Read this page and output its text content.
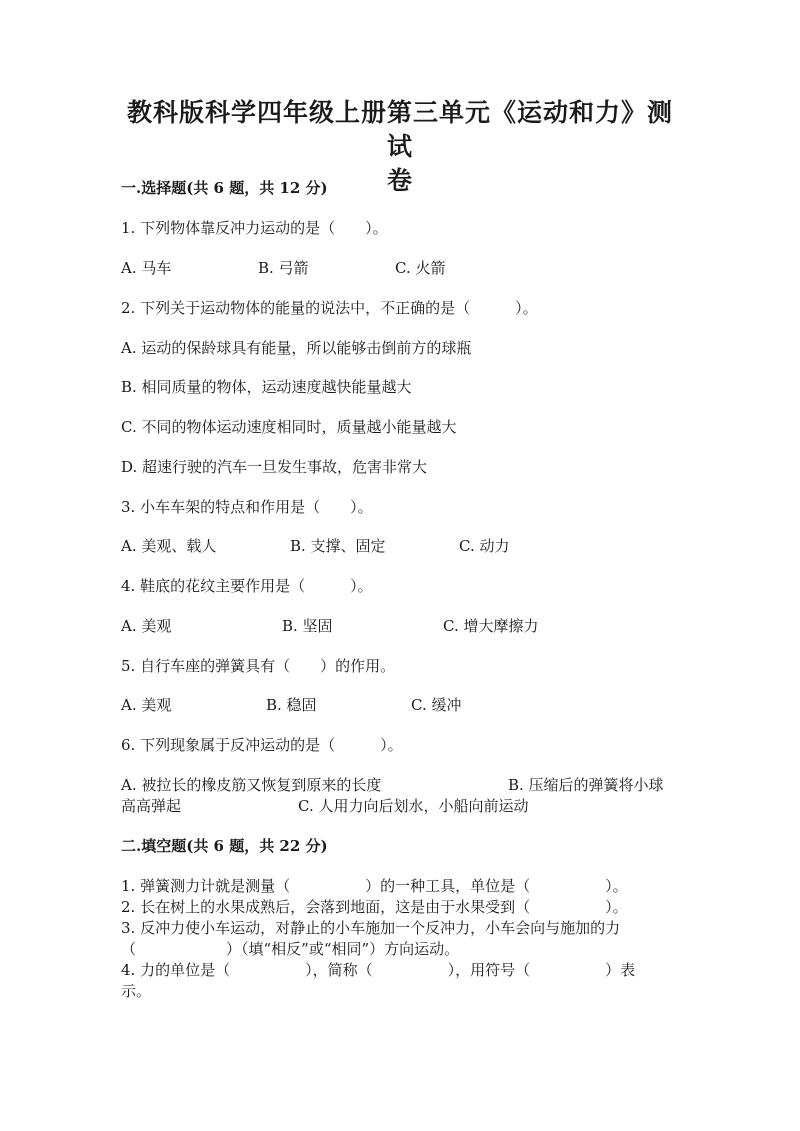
教科版科学四年级上册第三单元《运动和力》测试
卷
一.选择题(共 6 题，共 12 分)
1. 下列物体靠反冲力运动的是（　　）。
A. 马车	B. 弓箭	C. 火箭
2. 下列关于运动物体的能量的说法中，不正确的是（　　　）。
A. 运动的保龄球具有能量，所以能够击倒前方的球瓶
B. 相同质量的物体，运动速度越快能量越大
C. 不同的物体运动速度相同时，质量越小能量越大
D. 超速行驶的汽车一旦发生事故，危害非常大
3. 小车车架的特点和作用是（　　）。
A. 美观、载人	B. 支撑、固定	C. 动力
4. 鞋底的花纹主要作用是（　　　）。
A. 美观	B. 坚固	C. 增大摩擦力
5. 自行车座的弹簧具有（　　）的作用。
A. 美观	B. 稳固	C. 缓冲
6. 下列现象属于反冲运动的是（　　　）。
A. 被拉长的橡皮筋又恢复到原来的长度	B. 压缩后的弹簧将小球
高高弹起	C. 人用力向后划水，小船向前运动
二.填空题(共 6 题，共 22 分)
1. 弹簧测力计就是测量（　　　　　）的一种工具，单位是（　　　　　）。
2. 长在树上的水果成熟后，会落到地面，这是由于水果受到（　　　　　）。
3. 反冲力使小车运动，对静止的小车施加一个反冲力，小车会向与施加的力
（　　　　　　）（填“相反”或“相同”）方向运动。
4. 力的单位是（　　　　　），简称（　　　　　），用符号（　　　　　）表
示。
